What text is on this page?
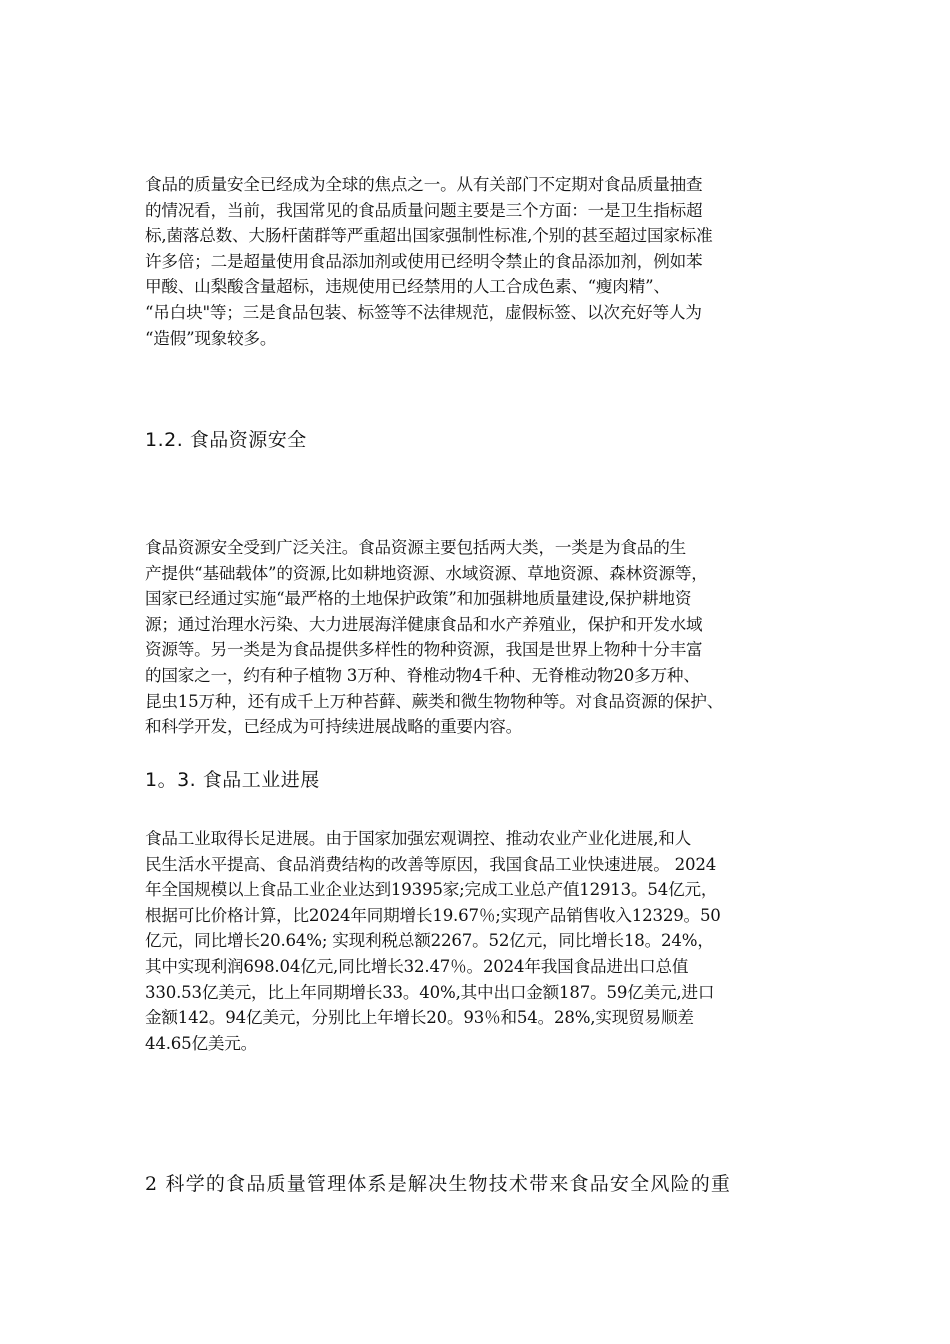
食品的质量安全已经成为全球的焦点之一。从有关部门不定期对食品质量抽查
的情况看，当前，我国常见的食品质量问题主要是三个方面：一是卫生指标超
标,菌落总数、大肠杆菌群等严重超出国家强制性标准,个别的甚至超过国家标准
许多倍；二是超量使用食品添加剂或使用已经明令禁止的食品添加剂，例如苯
甲酸、山梨酸含量超标，违规使用已经禁用的人工合成色素、“瘦肉精”、
“吊白块"等；三是食品包装、标签等不法律规范，虚假标签、以次充好等人为
“造假”现象较多。
1.2. 食品资源安全
食品资源安全受到广泛关注。食品资源主要包括两大类，一类是为食品的生
产提供“基础载体”的资源,比如耕地资源、水域资源、草地资源、森林资源等，
国家已经通过实施“最严格的土地保护政策”和加强耕地质量建设,保护耕地资
源；通过治理水污染、大力进展海洋健康食品和水产养殖业，保护和开发水域
资源等。另一类是为食品提供多样性的物种资源，我国是世界上物种十分丰富
的国家之一，约有种子植物 3万种、脊椎动物4千种、无脊椎动物20多万种、
昆虫15万种，还有成千上万种苔藓、蕨类和微生物物种等。对食品资源的保护、
和科学开发，已经成为可持续进展战略的重要内容。
1。3. 食品工业进展
食品工业取得长足进展。由于国家加强宏观调控、推动农业产业化进展,和人
民生活水平提高、食品消费结构的改善等原因，我国食品工业快速进展。 2024
年全国规模以上食品工业企业达到19395家;完成工业总产值12913。54亿元，
根据可比价格计算，比2024年同期增长19.67％;实现产品销售收入12329。50
亿元，同比增长20.64%; 实现利税总额2267。52亿元，同比增长18。24%，
其中实现利润698.04亿元,同比增长32.47％。2024年我国食品进出口总值
330.53亿美元，比上年同期增长33。40%,其中出口金额187。59亿美元,进口
金额142。94亿美元，分别比上年增长20。93％和54。28%,实现贸易顺差
44.65亿美元。
2 科学的食品质量管理体系是解决生物技术带来食品安全风险的重
